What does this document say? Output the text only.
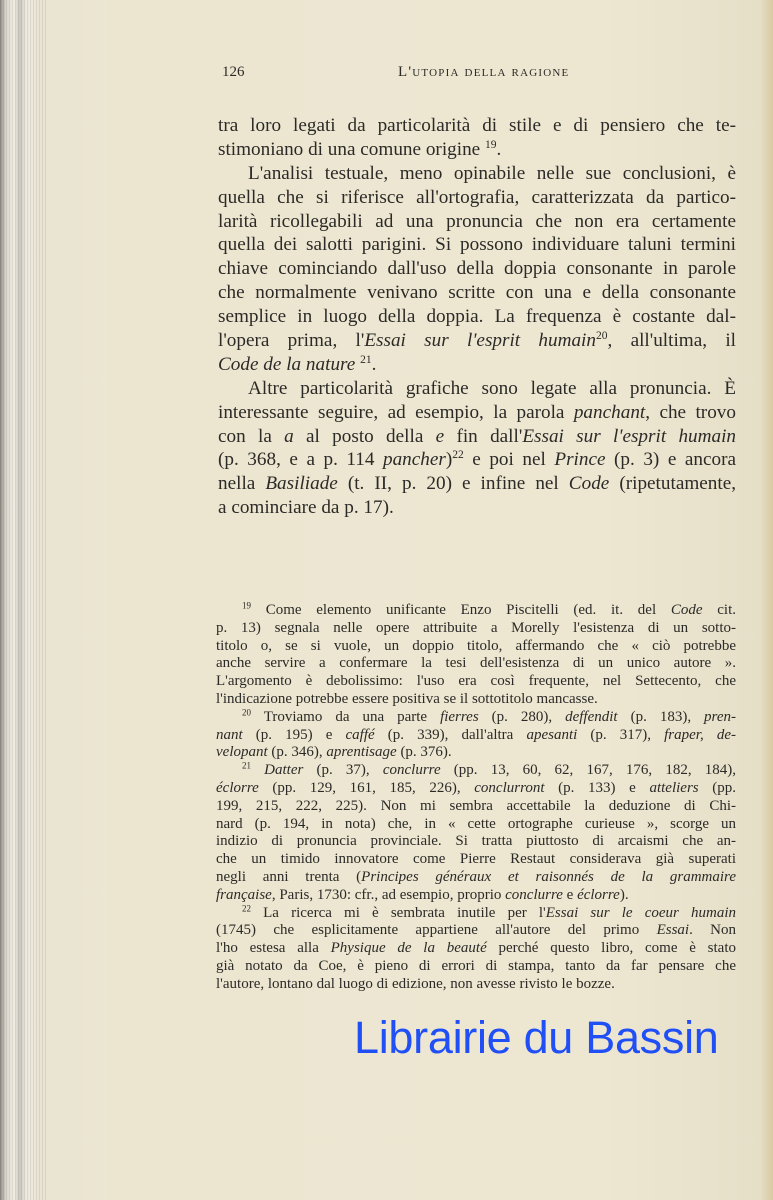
126	L'utopia della ragione
tra loro legati da particolarità di stile e di pensiero che te-
stimoniano di una comune origine $^{19}$.
L'analisi testuale, meno opinabile nelle sue conclusioni, è
quella che si riferisce all'ortografia, caratterizzata da partico-
larità ricollegabili ad una pronuncia che non era certamente
quella dei salotti parigini. Si possono individuare taluni termini
chiave cominciando dall'uso della doppia consonante in parole
che normalmente venivano scritte con una e della consonante
semplice in luogo della doppia. La frequenza è costante dal-
l'opera prima, l'Essai sur l'esprit humain$^{20}$, all'ultima, il
Code de la nature $^{21}$.
Altre particolarità grafiche sono legate alla pronuncia. È
interessante seguire, ad esempio, la parola panchant, che trovo
con la a al posto della e fin dall'Essai sur l'esprit humain
(p. 368, e a p. 114 pancher)$^{22}$ e poi nel Prince (p. 3) e ancora
nella Basiliade (t. II, p. 20) e infine nel Code (ripetutamente,
a cominciare da p. 17).
$^{19}$ Come elemento unificante Enzo Piscitelli (ed. it. del Code cit.
p. 13) segnala nelle opere attribuite a Morelly l'esistenza di un sotto-
titolo o, se si vuole, un doppio titolo, affermando che « ciò potrebbe
anche servire a confermare la tesi dell'esistenza di un unico autore ».
L'argomento è debolissimo: l'uso era così frequente, nel Settecento, che
l'indicazione potrebbe essere positiva se il sottotitolo mancasse.
$^{20}$ Troviamo da una parte fierres (p. 280), deffendit (p. 183), pren-
nant (p. 195) e caffé (p. 339), dall'altra apesanti (p. 317), fraper, de-
velopant (p. 346), aprentisage (p. 376).
$^{21}$ Datter (p. 37), conclurre (pp. 13, 60, 62, 167, 176, 182, 184),
éclorre (pp. 129, 161, 185, 226), conclurront (p. 133) e atteliers (pp.
199, 215, 222, 225). Non mi sembra accettabile la deduzione di Chi-
nard (p. 194, in nota) che, in « cette ortographe curieuse », scorge un
indizio di pronuncia provinciale. Si tratta piuttosto di arcaismi che an-
che un timido innovatore come Pierre Restaut considerava già superati
negli anni trenta (Principes généraux et raisonnés de la grammaire
française, Paris, 1730: cfr., ad esempio, proprio conclurre e éclorre).
$^{22}$ La ricerca mi è sembrata inutile per l'Essai sur le coeur humain
(1745) che esplicitamente appartiene all'autore del primo Essai. Non
l'ho estesa alla Physique de la beauté perché questo libro, come è stato
già notato da Coe, è pieno di errori di stampa, tanto da far pensare che
l'autore, lontano dal luogo di edizione, non avesse rivisto le bozze.
Librairie du Bassin
